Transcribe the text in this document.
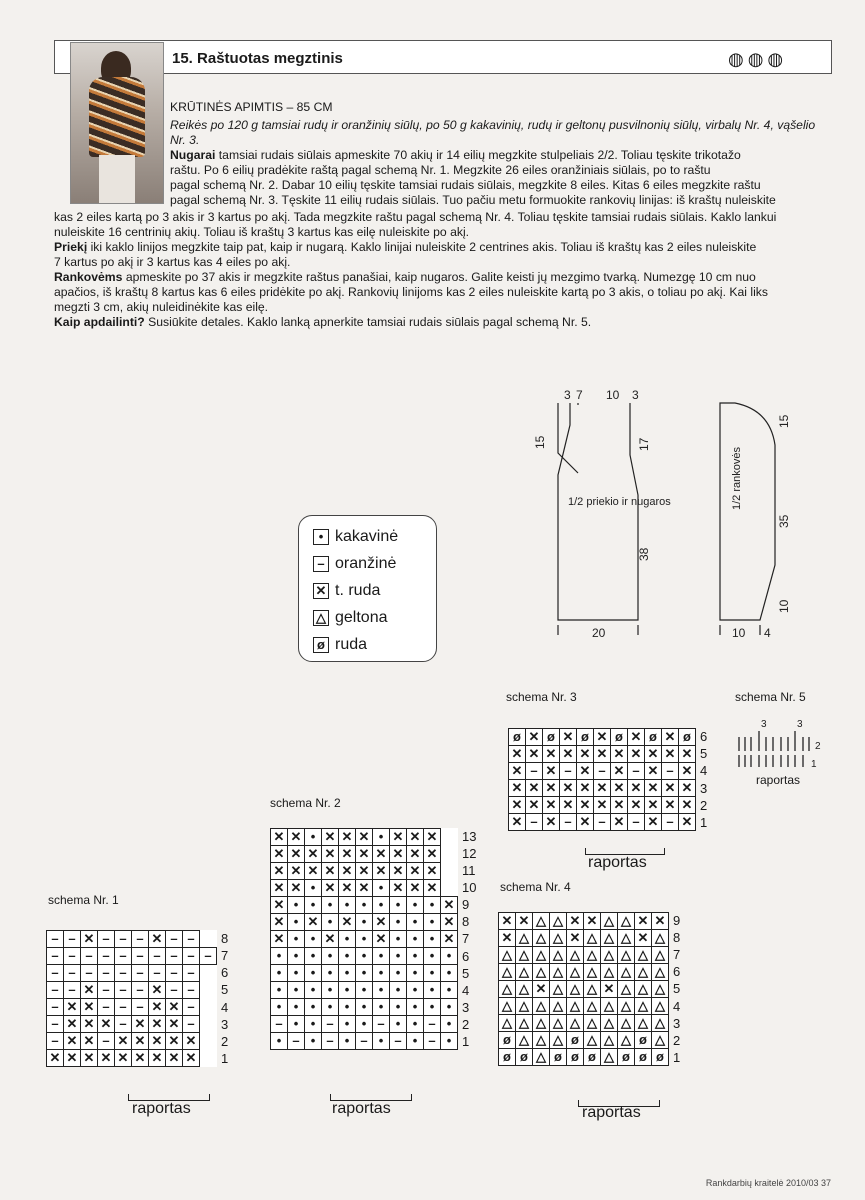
15. Raštuotas megztinis	◍◍◍
KRŪTINĖS APIMTIS – 85 CM
Reikės po 120 g tamsiai rudų ir oranžinių siūlų, po 50 g kakavinių, rudų ir geltonų pusvilnonių siūlų, virbalų Nr. 4, vąšelio Nr. 3.
Nugarai tamsiai rudais siūlais apmeskite 70 akių ir 14 eilių megzkite stulpeliais 2/2. Toliau tęskite trikotažo
raštu. Po 6 eilių pradėkite raštą pagal schemą Nr. 1. Megzkite 26 eiles oranžiniais siūlais, po to raštu
pagal schemą Nr. 2. Dabar 10 eilių tęskite tamsiai rudais siūlais, megzkite 8 eiles. Kitas 6 eiles megzkite raštu
pagal schemą Nr. 3. Tęskite 11 eilių rudais siūlais. Tuo pačiu metu formuokite rankovių linijas: iš kraštų nuleiskite
kas 2 eiles kartą po 3 akis ir 3 kartus po akį. Tada megzkite raštu pagal schemą Nr. 4. Toliau tęskite tamsiai rudais siūlais. Kaklo lankui
nuleiskite 16 centrinių akių. Toliau iš kraštų 3 kartus kas eilę nuleiskite po akį.
Priekį iki kaklo linijos megzkite taip pat, kaip ir nugarą. Kaklo linijai nuleiskite 2 centrines akis. Toliau iš kraštų kas 2 eiles nuleiskite
7 kartus po akį ir 3 kartus kas 4 eiles po akį.
Rankovėms apmeskite po 37 akis ir megzkite raštus panašiai, kaip nugaros. Galite keisti jų mezgimo tvarką. Numezgę 10 cm nuo
apačios, iš kraštų 8 kartus kas 6 eiles pridėkite po akį. Rankovių linijoms kas 2 eiles nuleiskite kartą po 3 akis, o toliau po akį. Kai liks
megzti 3 cm, akių nuleidinėkite kas eilę.
Kaip apdailinti? Susiūkite detales. Kaklo lanką apnerkite tamsiai rudais siūlais pagal schemą Nr. 5.
• kakavinė
– oranžinė
✕ t. ruda
△ geltona
ø ruda
3 7 10 3
15	17
38
20
1/2 priekio ir nugaros
15
35
10
10 4
1/2 rankovės
schema Nr. 5
3	3
2
1
raportas
schema Nr. 1
schema Nr. 2
schema Nr. 3
schema Nr. 4
8
7
6
5
4
3
2
1
–	–	✕	–	–	–	✕	–	–	
–	–	–	–	–	–	–	–	–	–
–	–	–	–	–	–	–	–	–	
–	–	✕	–	–	–	✕	–	–	
–	✕	✕	–	–	–	✕	✕	–	
–	✕	✕	✕	–	✕	✕	✕	–	
–	✕	✕	–	✕	✕	✕	✕	✕	
✕	✕	✕	✕	✕	✕	✕	✕	✕	
13
12
11
10
9
8
7
6
5
4
3
2
1
✕	✕	•	✕	✕	✕	•	✕	✕	✕	
✕	✕	✕	✕	✕	✕	✕	✕	✕	✕	
✕	✕	✕	✕	✕	✕	✕	✕	✕	✕	
✕	✕	•	✕	✕	✕	•	✕	✕	✕	
✕	•	•	•	•	•	•	•	•	•	✕
✕	•	✕	•	✕	•	✕	•	•	•	✕
✕	•	•	✕	•	•	✕	•	•	•	✕
•	•	•	•	•	•	•	•	•	•	•
•	•	•	•	•	•	•	•	•	•	•
•	•	•	•	•	•	•	•	•	•	•
•	•	•	•	•	•	•	•	•	•	•
–	•	•	–	•	•	–	•	•	–	•
•	–	•	–	•	–	•	–	•	–	•
6
5
4
3
2
1
ø	✕	ø	✕	ø	✕	ø	✕	ø	✕	ø
✕	✕	✕	✕	✕	✕	✕	✕	✕	✕	✕
✕	–	✕	–	✕	–	✕	–	✕	–	✕
✕	✕	✕	✕	✕	✕	✕	✕	✕	✕	✕
✕	✕	✕	✕	✕	✕	✕	✕	✕	✕	✕
✕	–	✕	–	✕	–	✕	–	✕	–	✕
9
8
7
6
5
4
3
2
1
✕	✕	△	△	✕	✕	△	△	✕	✕
✕	△	△	△	✕	△	△	△	✕	△
△	△	△	△	△	△	△	△	△	△
△	△	△	△	△	△	△	△	△	△
△	△	✕	△	△	△	✕	△	△	△
△	△	△	△	△	△	△	△	△	△
△	△	△	△	△	△	△	△	△	△
ø	△	△	△	ø	△	△	△	ø	△
ø	ø	△	ø	ø	ø	△	ø	ø	ø
raportas	raportas
raportas
raportas
Rankdarbių kraitelė 2010/03 37
